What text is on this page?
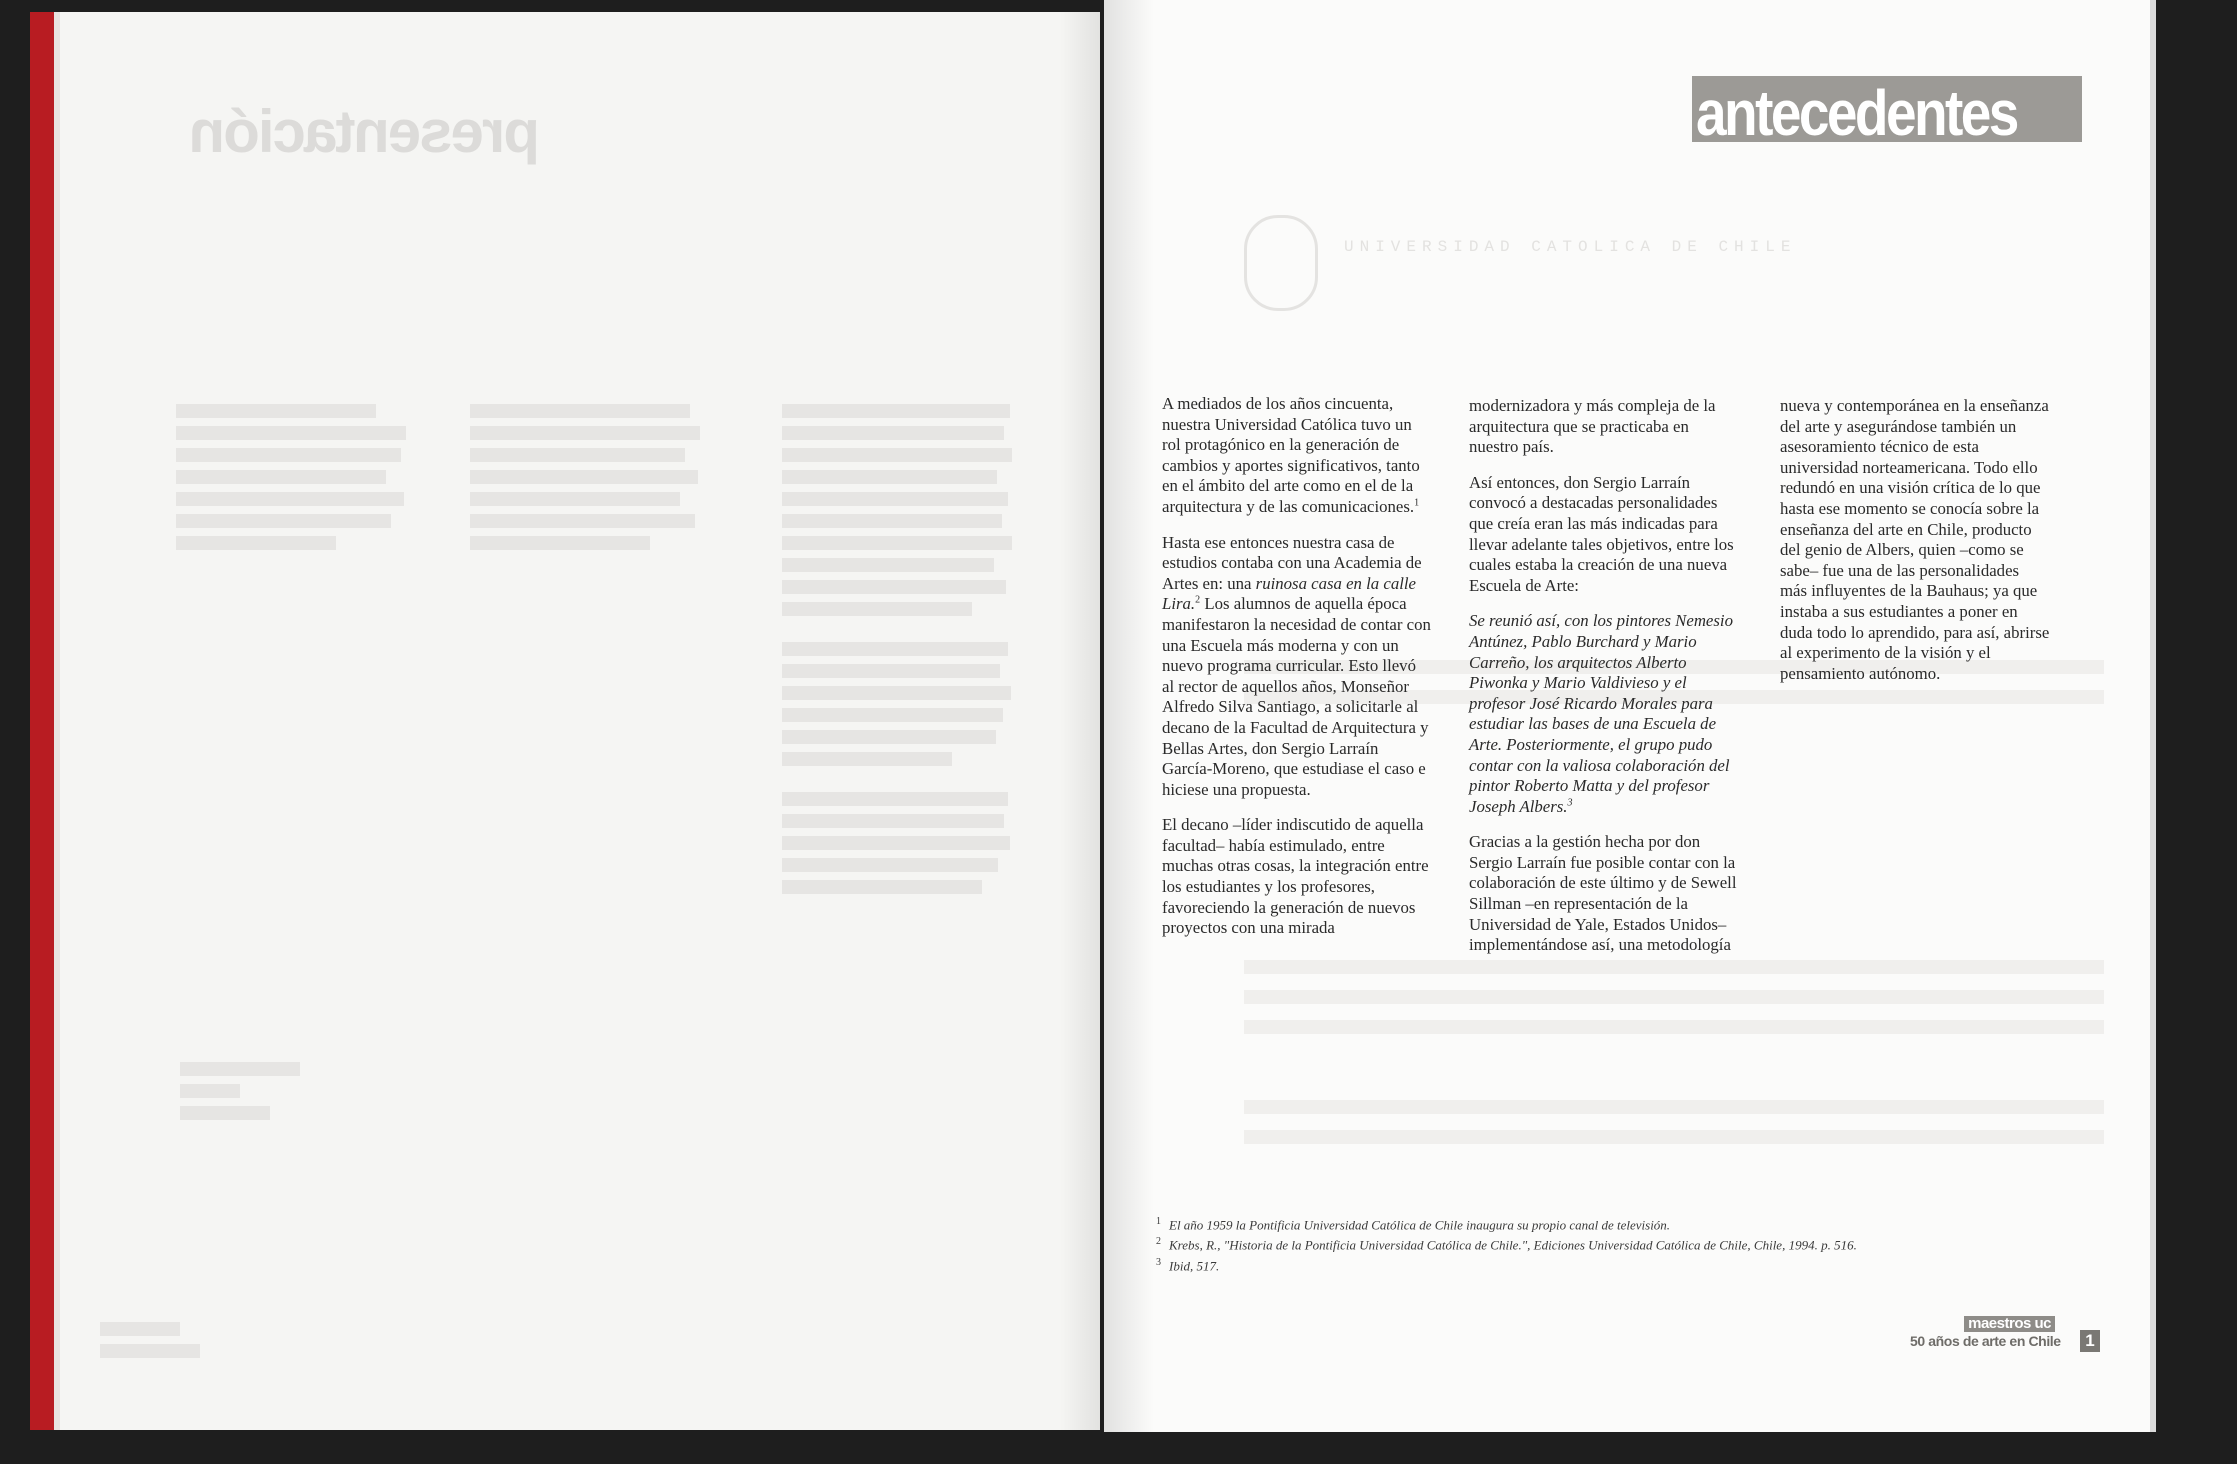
presentación
UNIVERSIDAD CATOLICA DE CHILE
antecedentes

A mediados de los años cincuenta, nuestra Universidad Católica tuvo un rol protagónico en la generación de cambios y aportes significativos, tanto en el ámbito del arte como en el de la arquitectura y de las comunicaciones.$^1$

Hasta ese entonces nuestra casa de estudios contaba con una Academia de Artes en: una ruinosa casa en la calle Lira.$^2$ Los alumnos de aquella época manifestaron la necesidad de contar con una Escuela más moderna y con un nuevo programa curricular. Esto llevó al rector de aquellos años, Monseñor Alfredo Silva Santiago, a solicitarle al decano de la Facultad de Arquitectura y Bellas Artes, don Sergio Larraín García-Moreno, que estudiase el caso e hiciese una propuesta.

El decano –líder indiscutido de aquella facultad– había estimulado, entre muchas otras cosas, la integración entre los estudiantes y los profesores, favoreciendo la generación de nuevos proyectos con una mirada

modernizadora y más compleja de la arquitectura que se practicaba en nuestro país.

Así entonces, don Sergio Larraín convocó a destacadas personalidades que creía eran las más indicadas para llevar adelante tales objetivos, entre los cuales estaba la creación de una nueva Escuela de Arte:

Se reunió así, con los pintores Nemesio Antúnez, Pablo Burchard y Mario Carreño, los arquitectos Alberto Piwonka y Mario Valdivieso y el profesor José Ricardo Morales para estudiar las bases de una Escuela de Arte. Posteriormente, el grupo pudo contar con la valiosa colaboración del pintor Roberto Matta y del profesor Joseph Albers.$^3$

Gracias a la gestión hecha por don Sergio Larraín fue posible contar con la colaboración de este último y de Sewell Sillman –en representación de la Universidad de Yale, Estados Unidos– implementándose así, una metodología

nueva y contemporánea en la enseñanza del arte y asegurándose también un asesoramiento técnico de esta universidad norteamericana. Todo ello redundó en una visión crítica de lo que hasta ese momento se conocía sobre la enseñanza del arte en Chile, producto del genio de Albers, quien –como se sabe– fue una de las personalidades más influyentes de la Bauhaus; ya que instaba a sus estudiantes a poner en duda todo lo aprendido, para así, abrirse al experimento de la visión y el pensamiento autónomo.

$^1$ El año 1959 la Pontificia Universidad Católica de Chile inaugura su propio canal de televisión.
$^2$ Krebs, R., "Historia de la Pontificia Universidad Católica de Chile.", Ediciones Universidad Católica de Chile, Chile, 1994. p. 516.
$^3$ Ibid, 517.
maestros uc
50 años de arte en Chile	1
